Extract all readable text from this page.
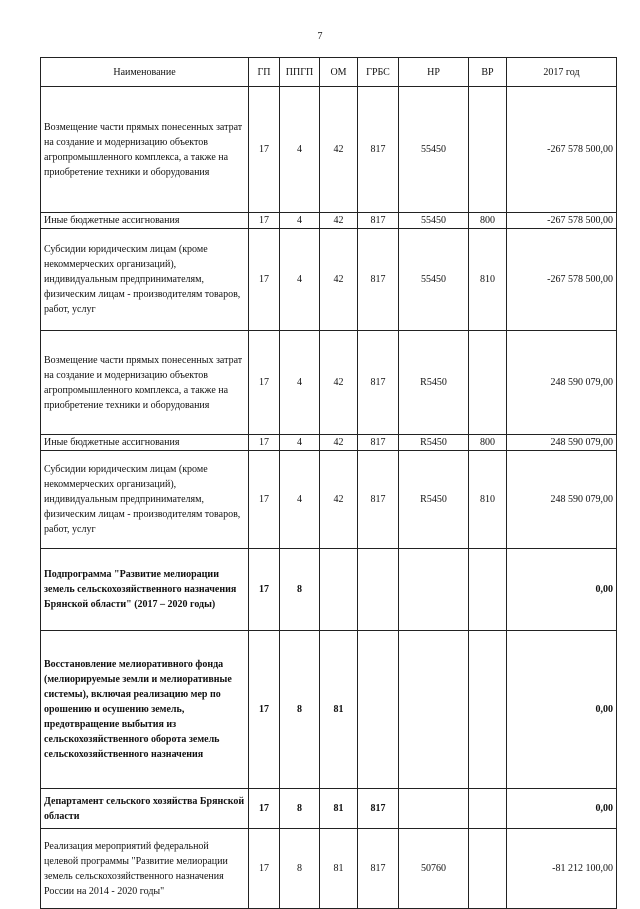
7
Наименование	ГП	ППГП	ОМ	ГРБС	НР	ВР	2017 год
Возмещение части прямых понесенных затрат на создание и модернизацию объектов агропромышленного комплекса, а также на приобретение техники и оборудования	17	4	42	817	55450		-267 578 500,00
Иные бюджетные ассигнования	17	4	42	817	55450	800	-267 578 500,00
Субсидии юридическим лицам (кроме некоммерческих организаций), индивидуальным предпринимателям, физическим лицам - производителям товаров, работ, услуг	17	4	42	817	55450	810	-267 578 500,00
Возмещение части прямых понесенных затрат на создание и модернизацию объектов агропромышленного комплекса, а также на приобретение техники и оборудования	17	4	42	817	R5450		248 590 079,00
Иные бюджетные ассигнования	17	4	42	817	R5450	800	248 590 079,00
Субсидии юридическим лицам (кроме некоммерческих организаций), индивидуальным предпринимателям, физическим лицам - производителям товаров, работ, услуг	17	4	42	817	R5450	810	248 590 079,00
Подпрограмма "Развитие мелиорации земель сельскохозяйственного назначения Брянской области" (2017 – 2020 годы)	17	8					0,00
Восстановление мелиоративного фонда (мелиорируемые земли и мелиоративные системы), включая реализацию мер по орошению и осушению земель, предотвращение выбытия из сельскохозяйственного оборота земель сельскохозяйственного назначения	17	8	81				0,00
Департамент сельского хозяйства Брянской области	17	8	81	817			0,00
Реализация мероприятий федеральной целевой программы "Развитие мелиорации земель сельскохозяйственного назначения России на 2014 - 2020 годы"	17	8	81	817	50760		-81 212 100,00
